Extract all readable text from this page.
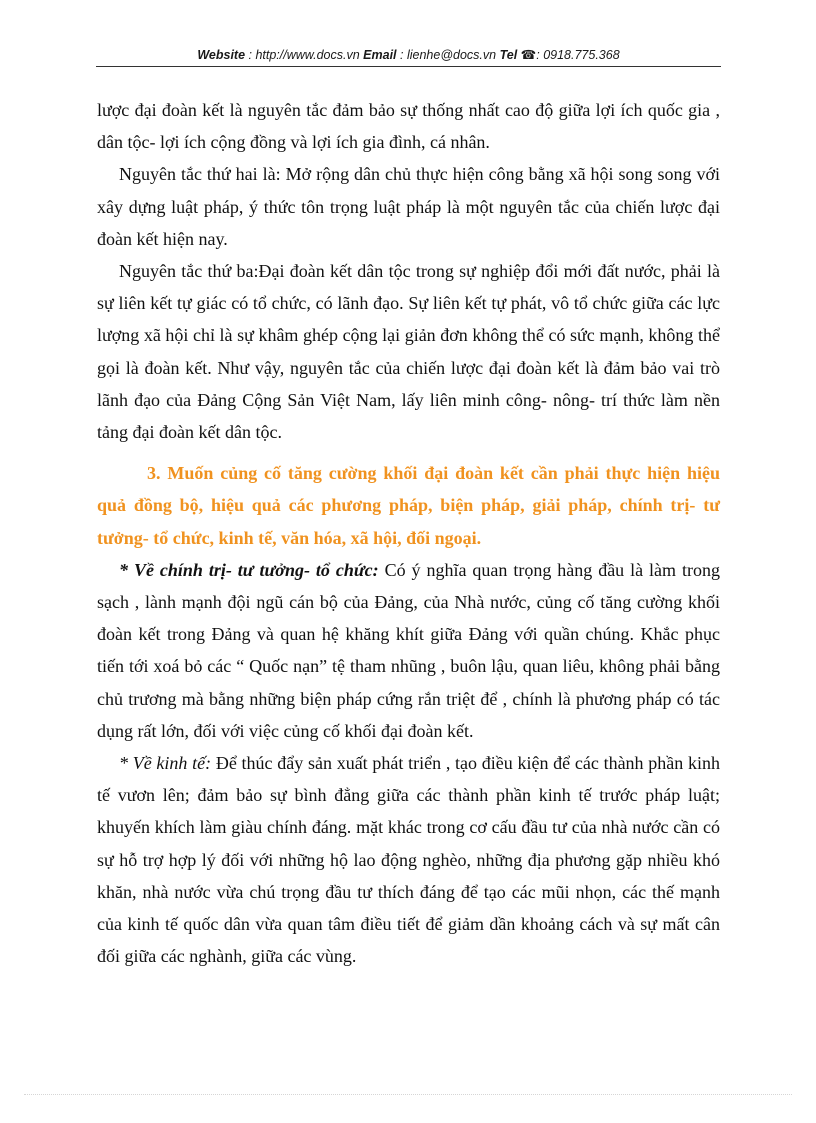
Website : http://www.docs.vn Email : lienhe@docs.vn Tel ☎: 0918.775.368

lược đại đoàn kết là nguyên tắc đảm bảo sự thống nhất cao độ giữa lợi ích quốc gia , dân tộc- lợi ích cộng đồng và lợi ích gia đình, cá nhân.

Nguyên tắc thứ hai là: Mở rộng dân chủ thực hiện công bằng xã hội song song với xây dựng luật pháp, ý thức tôn trọng luật pháp là một nguyên tắc của chiến lược đại đoàn kết hiện nay.

Nguyên tắc thứ ba:Đại đoàn kết dân tộc trong sự nghiệp đổi mới đất nước, phải là sự liên kết tự giác có tổ chức, có lãnh đạo. Sự liên kết tự phát, vô tổ chức giữa các lực lượng xã hội chỉ là sự khâm ghép cộng lại giản đơn không thể có sức mạnh, không thể gọi là đoàn kết. Như vậy, nguyên tắc của chiến lược đại đoàn kết là đảm bảo vai trò lãnh đạo của Đảng Cộng Sản Việt Nam, lấy liên minh công- nông- trí thức làm nền tảng đại đoàn kết dân tộc.

3. Muốn củng cố tăng cường khối đại đoàn kết cần phải thực hiện hiệu quả đồng bộ, hiệu quả các phương pháp, biện pháp, giải pháp, chính trị- tư tưởng- tổ chức, kinh tế, văn hóa, xã hội, đối ngoại.

* Về chính trị- tư tưởng- tổ chức: Có ý nghĩa quan trọng hàng đầu là làm trong sạch , lành mạnh đội ngũ cán bộ của Đảng, của Nhà nước, củng cố tăng cường khối đoàn kết trong Đảng và quan hệ khăng khít giữa Đảng với quần chúng. Khắc phục tiến tới xoá bỏ các “ Quốc nạn” tệ tham nhũng , buôn lậu, quan liêu, không phải bằng chủ trương mà bằng những biện pháp cứng rắn triệt để , chính là phương pháp có tác dụng rất lớn, đối với việc củng cố khối đại đoàn kết.

* Về kinh tế: Để thúc đẩy sản xuất phát triển , tạo điều kiện để các thành phần kinh tế vươn lên; đảm bảo sự bình đẳng giữa các thành phần kinh tế trước pháp luật; khuyến khích làm giàu chính đáng. mặt khác trong cơ cấu đầu tư của nhà nước cần có sự hỗ trợ hợp lý đối với những hộ lao động nghèo, những địa phương gặp nhiều khó khăn, nhà nước vừa chú trọng đầu tư thích đáng để tạo các mũi nhọn, các thế mạnh của kinh tế quốc dân vừa quan tâm điều tiết để giảm dần khoảng cách và sự mất cân đối giữa các nghành, giữa các vùng.
